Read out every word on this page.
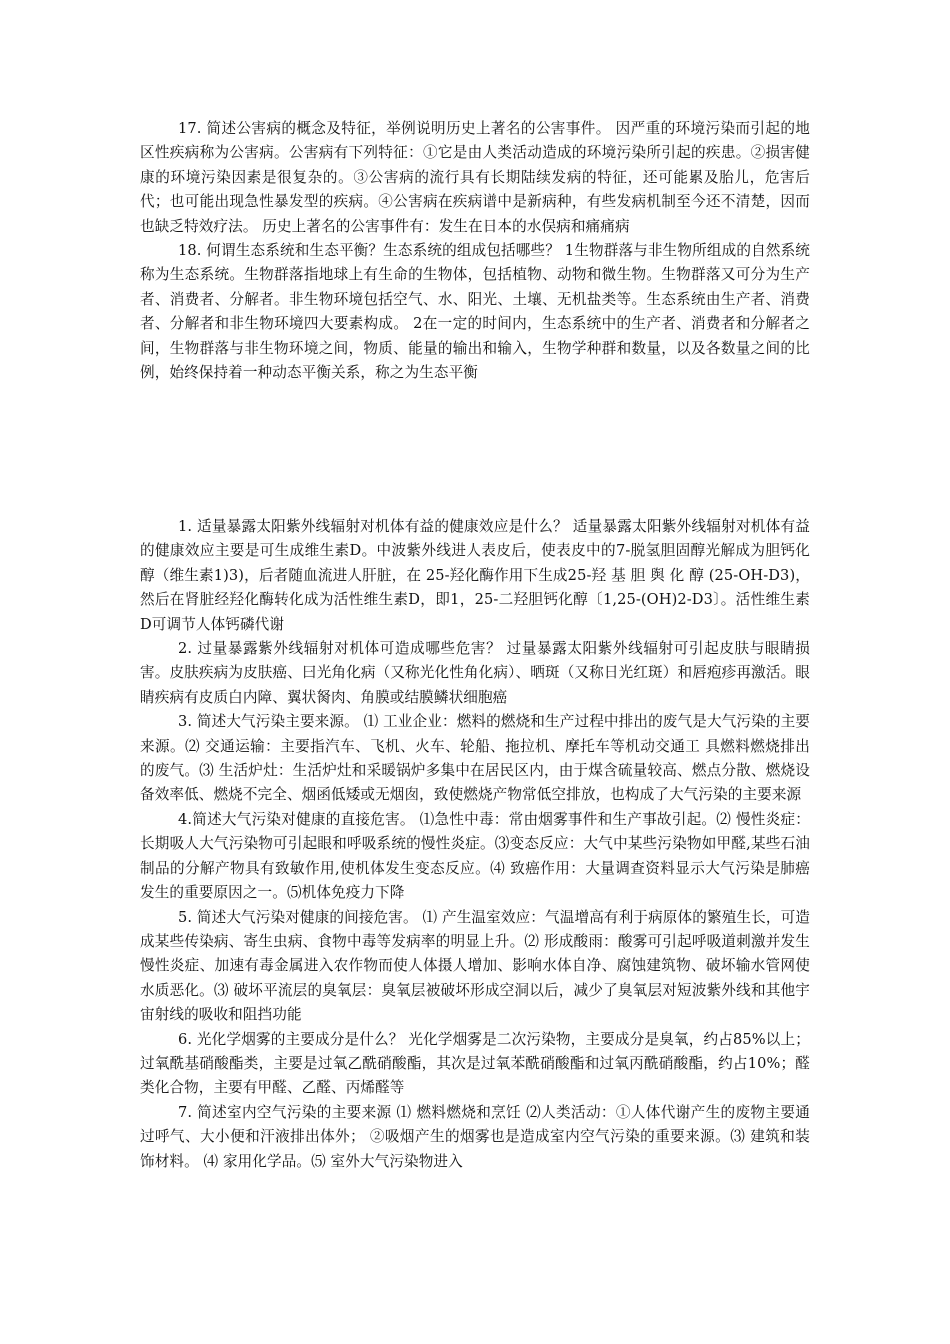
17. 简述公害病的概念及特征，举例说明历史上著名的公害事件。 因严重的环境污染而引起的地区性疾病称为公害病。公害病有下列特征：①它是由人类活动造成的环境污染所引起的疾患。②损害健康的环境污染因素是很复杂的。③公害病的流行具有长期陆续发病的特征，还可能累及胎儿，危害后代；也可能出现急性暴发型的疾病。④公害病在疾病谱中是新病种，有些发病机制至今还不清楚，因而也缺乏特效疗法。 历史上著名的公害事件有：发生在日本的水俣病和痛痛病

18. 何谓生态系统和生态平衡？生态系统的组成包括哪些？ 1生物群落与非生物所组成的自然系统称为生态系统。生物群落指地球上有生命的生物体，包括植物、动物和微生物。生物群落又可分为生产者、消费者、分解者。非生物环境包括空气、水、阳光、土壤、无机盐类等。生态系统由生产者、消费者、分解者和非生物环境四大要素构成。 2在一定的时间内，生态系统中的生产者、消费者和分解者之间，生物群落与非生物环境之间，物质、能量的输出和输入，生物学种群和数量，以及各数量之间的比例，始终保持着一种动态平衡关系，称之为生态平衡

1. 适量暴露太阳紫外线辐射对机体有益的健康效应是什么？ 适量暴露太阳紫外线辐射对机体有益的健康效应主要是可生成维生素D。中波紫外线进人表皮后，使表皮中的7-脱氢胆固醇光解成为胆钙化醇（维生素1)3)，后者随血流进人肝脏，在 25-羟化酶作用下生成25-羟 基 胆 舆 化 醇 (25-OH-D3)，然后在肾脏经羟化酶转化成为活性维生素D，即1，25-二羟胆钙化醇〔1,25-(OH)2-D3〕。活性维生素D可调节人体钙磷代谢

2. 过量暴露紫外线辐射对机体可造成哪些危害？ 过量暴露太阳紫外线辐射可引起皮肤与眼睛损害。皮肤疾病为皮肤癌、曰光角化病（又称光化性角化病）、晒斑（又称日光红斑）和唇疱疹再激活。眼睛疾病有皮质白内障、翼状胬肉、角膜或结膜鳞状细胞癌

3. 简述大气污染主要来源。 ⑴ 工业企业：燃料的燃烧和生产过程中排出的废气是大气污染的主要来源。⑵ 交通运输：主要指汽车、飞机、火车、轮船、拖拉机、摩托车等机动交通工 具燃料燃烧排出的废气。⑶ 生活炉灶：生活炉灶和采暖锅炉多集中在居民区内，由于煤含硫量较高、燃点分散、燃烧设备效率低、燃烧不完全、烟函低矮或无烟囱，致使燃烧产物常低空排放，也构成了大气污染的主要来源

4.简述大气污染对健康的直接危害。 ⑴急性中毒：常由烟雾事件和生产事故引起。⑵ 慢性炎症：长期吸人大气污染物可引起眼和呼吸系统的慢性炎症。⑶变态反应：大气中某些污染物如甲醛,某些石油制品的分解产物具有致敏作用,使机体发生变态反应。⑷ 致癌作用：大量调查资料显示大气污染是肺癌发生的重要原因之一。⑸机体免疫力下降

5. 简述大气污染对健康的间接危害。 ⑴ 产生温室效应：气温增高有利于病原体的繁殖生长，可造成某些传染病、寄生虫病、食物中毒等发病率的明显上升。⑵ 形成酸雨：酸雾可引起呼吸道刺激并发生慢性炎症、加速有毒金属进入农作物而使人体摄人增加、影响水体自净、腐蚀建筑物、破坏输水管网使水质恶化。⑶ 破坏平流层的臭氧层：臭氧层被破坏形成空洞以后，减少了臭氧层对短波紫外线和其他宇宙射线的吸收和阻挡功能

6. 光化学烟雾的主要成分是什么？ 光化学烟雾是二次污染物，主要成分是臭氧，约占85%以上；过氧酰基硝酸酯类，主要是过氧乙酰硝酸酯，其次是过氧苯酰硝酸酯和过氧丙酰硝酸酯，约占10%；醛类化合物，主要有甲醛、乙醛、丙烯醛等

7. 简述室内空气污染的主要来源 ⑴ 燃料燃烧和烹饪 ⑵人类活动：①人体代谢产生的废物主要通过呼气、大小便和汗液排出体外； ②吸烟产生的烟雾也是造成室内空气污染的重要来源。⑶ 建筑和装饰材料。 ⑷ 家用化学品。⑸ 室外大气污染物进入
